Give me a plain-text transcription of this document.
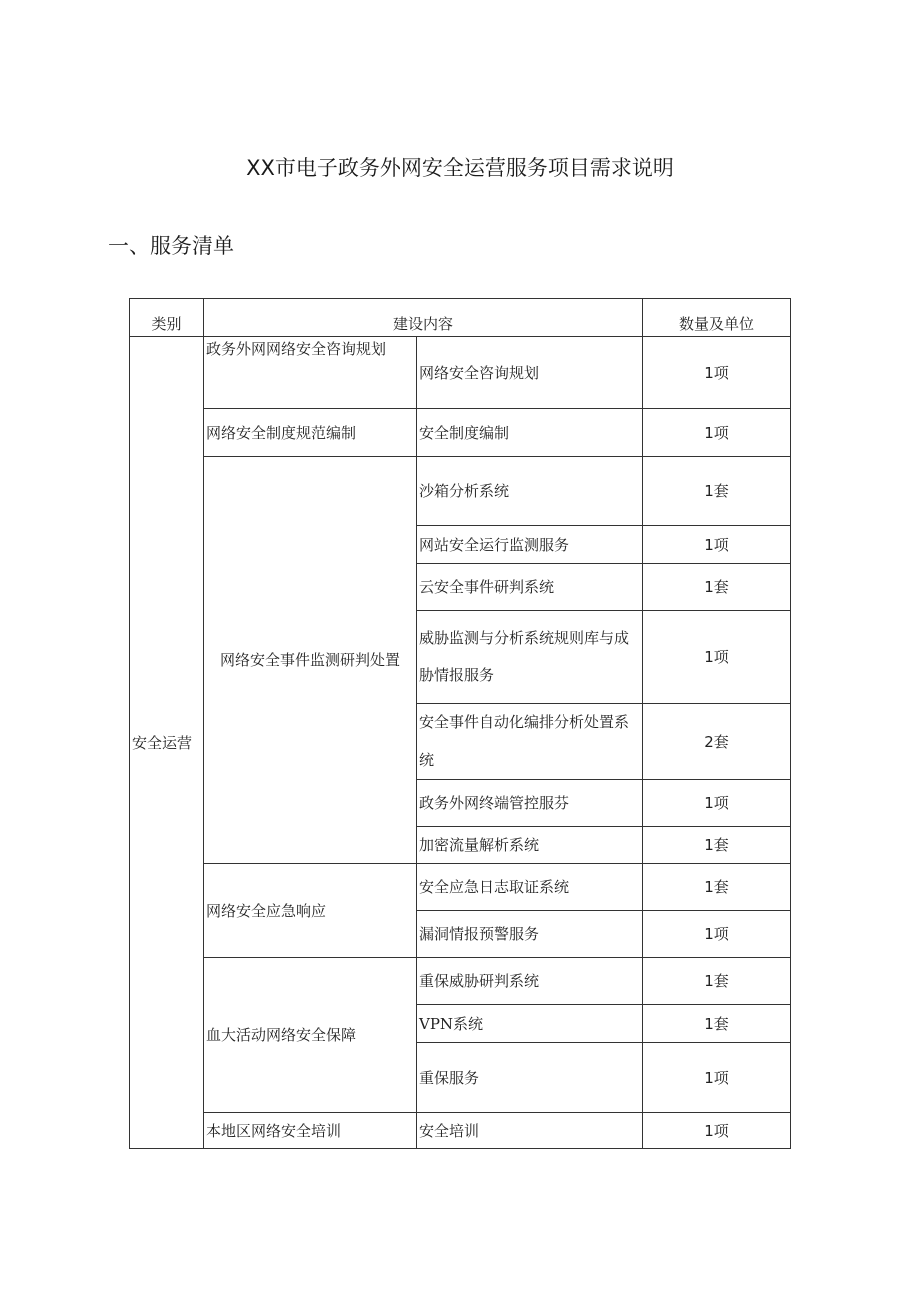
XX市电子政务外网安全运营服务项目需求说明
一、服务清单
类别	建设内容		数量及单位
安全运营	政务外网网络安全咨询规划	网络安全咨询规划	1项
	网络安全制度规范编制	安全制度编制	1项
	网络安全事件监测研判处置	沙箱分析系统	1套
		网站安全运行监测服务	1项
		云安全事件研判系统	1套
		威胁监测与分析系统规则库与成胁情报服务	1项
		安全事件自动化编排分析处置系统	2套
		政务外网终端管控服芬	1项
		加密流量解析系统	1套
	网络安全应急响应	安全应急日志取证系统	1套
		漏洞情报预警服务	1项
	血大活动网络安全保障	重保威胁研判系统	1套
		VPN系统	1套
		重保服务	1项
	本地区网络安全培训	安全培训	1项
